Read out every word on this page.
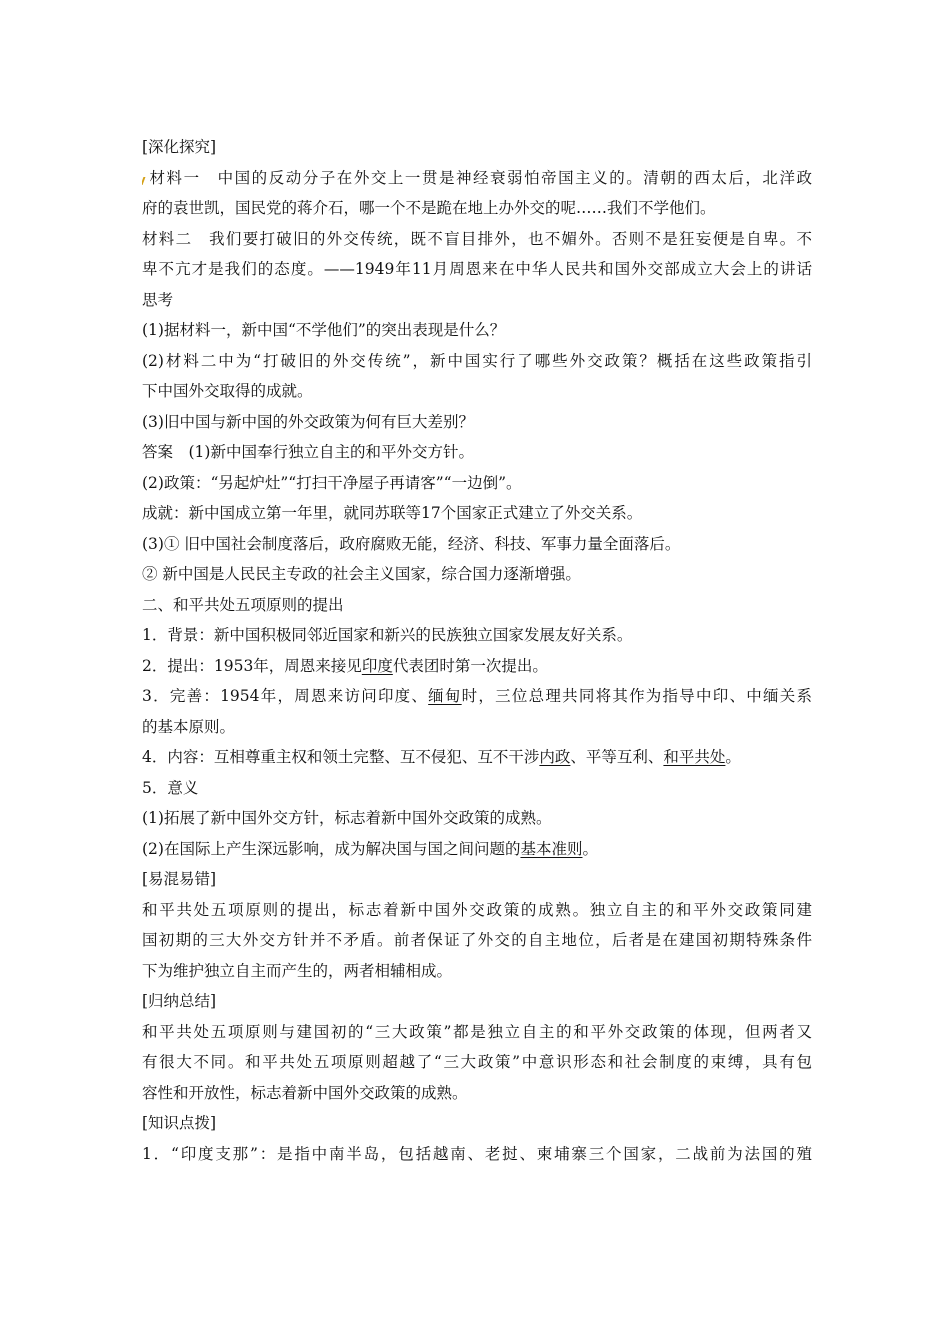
[深化探究]
材料一　中国的反动分子在外交上一贯是神经衰弱怕帝国主义的。清朝的西太后，北洋政
府的袁世凯，国民党的蒋介石，哪一个不是跪在地上办外交的呢……我们不学他们。
材料二　我们要打破旧的外交传统，既不盲目排外，也不媚外。否则不是狂妄便是自卑。不
卑不亢才是我们的态度。——1949年11月周恩来在中华人民共和国外交部成立大会上的讲话
思考
(1)据材料一，新中国“不学他们”的突出表现是什么？
(2)材料二中为“打破旧的外交传统”，新中国实行了哪些外交政策？概括在这些政策指引
下中国外交取得的成就。
(3)旧中国与新中国的外交政策为何有巨大差别？
答案　(1)新中国奉行独立自主的和平外交方针。
(2)政策：“另起炉灶”“打扫干净屋子再请客”“一边倒”。
成就：新中国成立第一年里，就同苏联等17个国家正式建立了外交关系。
(3)① 旧中国社会制度落后，政府腐败无能，经济、科技、军事力量全面落后。
② 新中国是人民民主专政的社会主义国家，综合国力逐渐增强。
二、和平共处五项原则的提出
1．背景：新中国积极同邻近国家和新兴的民族独立国家发展友好关系。
2．提出：1953年，周恩来接见印度代表团时第一次提出。
3．完善：1954年，周恩来访问印度、缅甸时，三位总理共同将其作为指导中印、中缅关系
的基本原则。
4．内容：互相尊重主权和领土完整、互不侵犯、互不干涉内政、平等互利、和平共处。
5．意义
(1)拓展了新中国外交方针，标志着新中国外交政策的成熟。
(2)在国际上产生深远影响，成为解决国与国之间问题的基本准则。
[易混易错]
和平共处五项原则的提出，标志着新中国外交政策的成熟。独立自主的和平外交政策同建
国初期的三大外交方针并不矛盾。前者保证了外交的自主地位，后者是在建国初期特殊条件
下为维护独立自主而产生的，两者相辅相成。
[归纳总结]
和平共处五项原则与建国初的“三大政策”都是独立自主的和平外交政策的体现，但两者又
有很大不同。和平共处五项原则超越了“三大政策”中意识形态和社会制度的束缚，具有包
容性和开放性，标志着新中国外交政策的成熟。
[知识点拨]
1．“印度支那”：是指中南半岛，包括越南、老挝、柬埔寨三个国家，二战前为法国的殖
